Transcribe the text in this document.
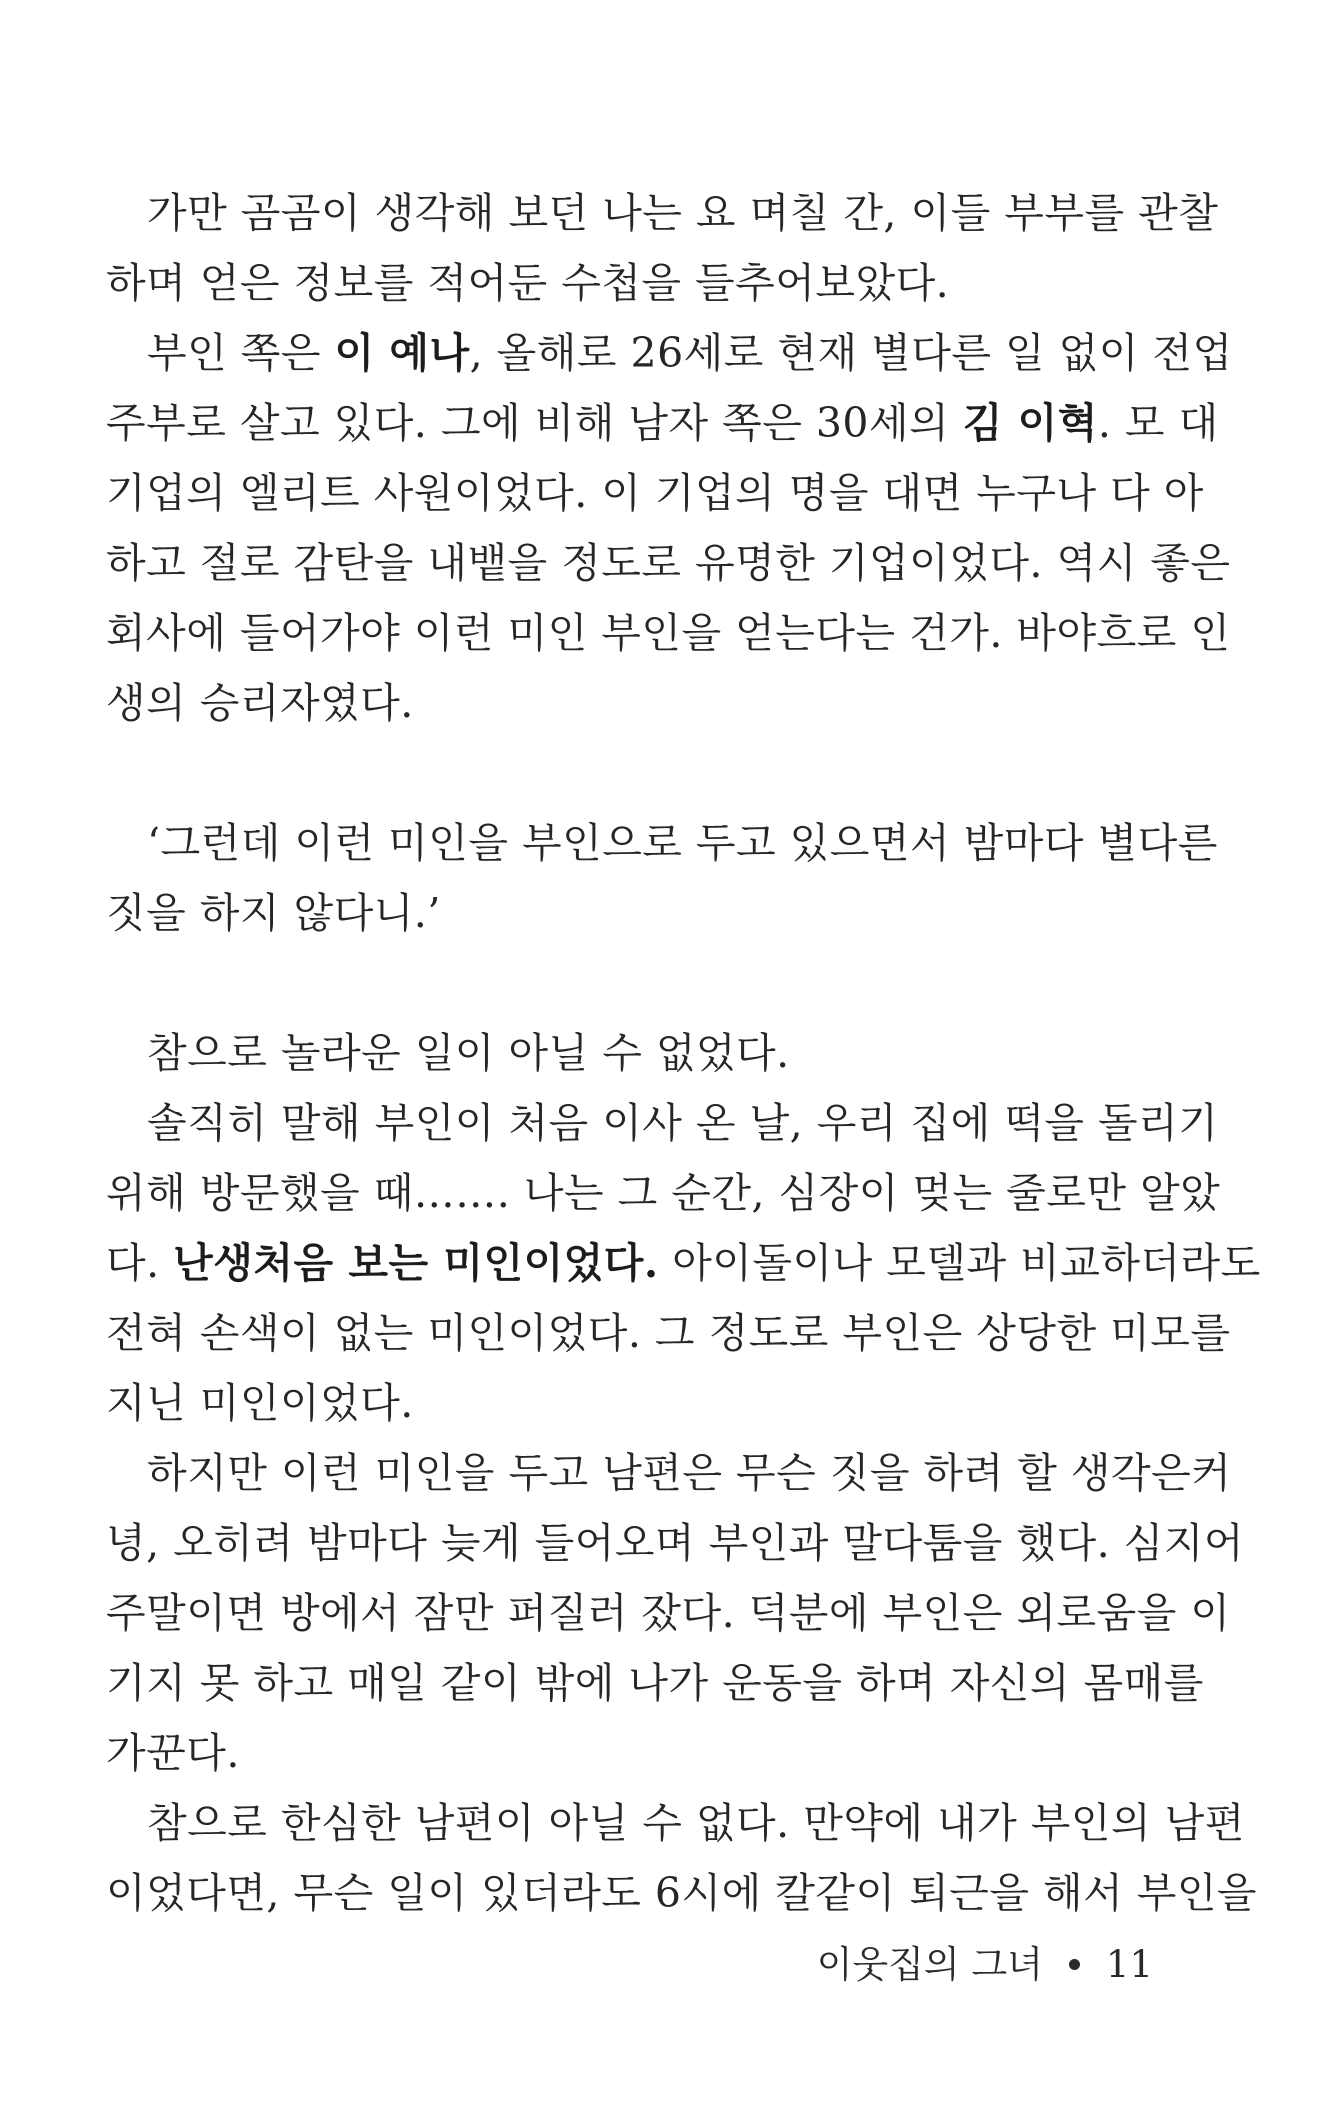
가만 곰곰이 생각해 보던 나는 요 며칠 간, 이들 부부를 관찰
하며 얻은 정보를 적어둔 수첩을 들추어보았다.
부인 쪽은 이 예나, 올해로 26세로 현재 별다른 일 없이 전업
주부로 살고 있다. 그에 비해 남자 쪽은 30세의 김 이혁. 모 대
기업의 엘리트 사원이었다. 이 기업의 명을 대면 누구나 다 아
하고 절로 감탄을 내뱉을 정도로 유명한 기업이었다. 역시 좋은
회사에 들어가야 이런 미인 부인을 얻는다는 건가. 바야흐로 인
생의 승리자였다.
‘그런데 이런 미인을 부인으로 두고 있으면서 밤마다 별다른
짓을 하지 않다니.’
참으로 놀라운 일이 아닐 수 없었다.
솔직히 말해 부인이 처음 이사 온 날, 우리 집에 떡을 돌리기
위해 방문했을 때……. 나는 그 순간, 심장이 멎는 줄로만 알았
다. 난생처음 보는 미인이었다. 아이돌이나 모델과 비교하더라도
전혀 손색이 없는 미인이었다. 그 정도로 부인은 상당한 미모를
지닌 미인이었다.
하지만 이런 미인을 두고 남편은 무슨 짓을 하려 할 생각은커
녕, 오히려 밤마다 늦게 들어오며 부인과 말다툼을 했다. 심지어
주말이면 방에서 잠만 퍼질러 잤다. 덕분에 부인은 외로움을 이
기지 못 하고 매일 같이 밖에 나가 운동을 하며 자신의 몸매를
가꾼다.
참으로 한심한 남편이 아닐 수 없다. 만약에 내가 부인의 남편
이었다면, 무슨 일이 있더라도 6시에 칼같이 퇴근을 해서 부인을
이웃집의 그녀 11
